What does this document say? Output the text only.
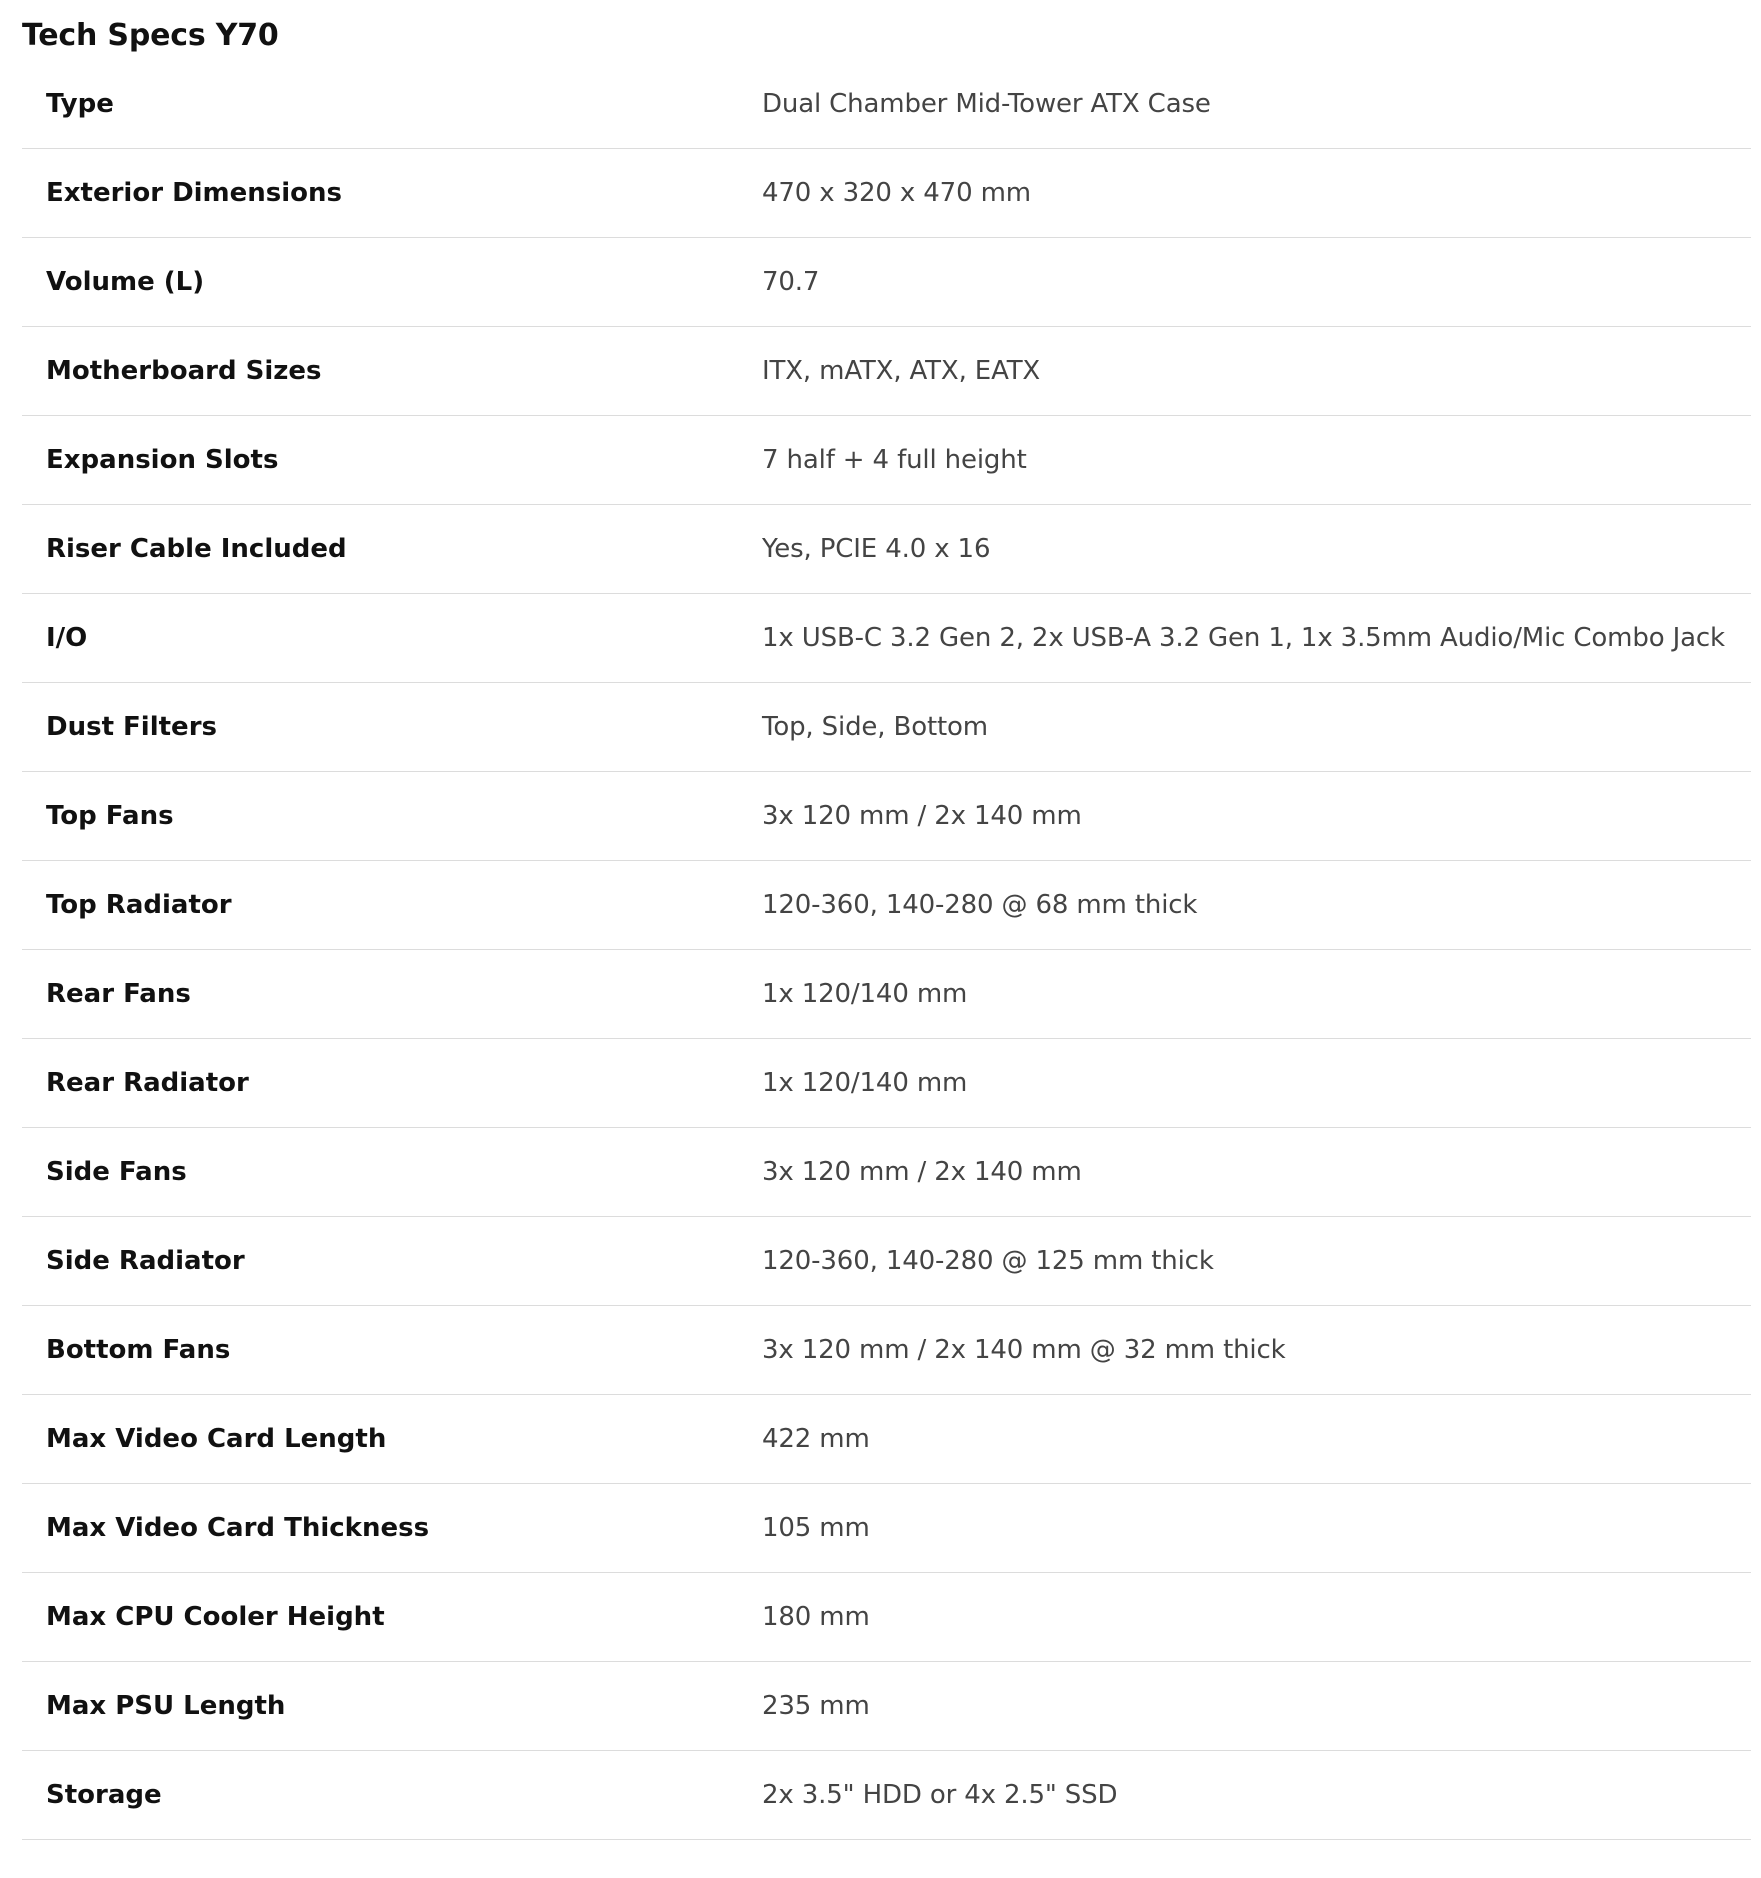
Tech Specs Y70
Type	Dual Chamber Mid-Tower ATX Case
Exterior Dimensions	470 x 320 x 470 mm
Volume (L)	70.7
Motherboard Sizes	ITX, mATX, ATX, EATX
Expansion Slots	7 half + 4 full height
Riser Cable Included	Yes, PCIE 4.0 x 16
I/O	1x USB-C 3.2 Gen 2, 2x USB-A 3.2 Gen 1, 1x 3.5mm Audio/Mic Combo Jack
Dust Filters	Top, Side, Bottom
Top Fans	3x 120 mm / 2x 140 mm
Top Radiator	120-360, 140-280 @ 68 mm thick
Rear Fans	1x 120/140 mm
Rear Radiator	1x 120/140 mm
Side Fans	3x 120 mm / 2x 140 mm
Side Radiator	120-360, 140-280 @ 125 mm thick
Bottom Fans	3x 120 mm / 2x 140 mm @ 32 mm thick
Max Video Card Length	422 mm
Max Video Card Thickness	105 mm
Max CPU Cooler Height	180 mm
Max PSU Length	235 mm
Storage	2x 3.5" HDD or 4x 2.5" SSD
